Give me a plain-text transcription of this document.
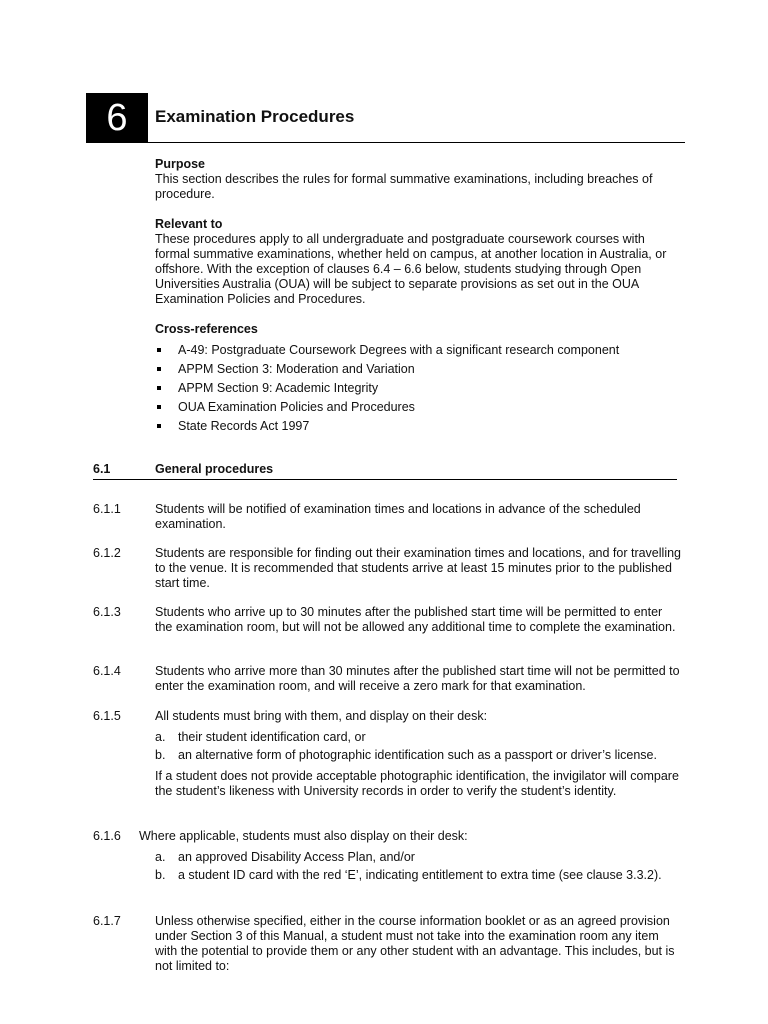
6	Examination Procedures
Purpose

This section describes the rules for formal summative examinations, including breaches of procedure.

Relevant to

These procedures apply to all undergraduate and postgraduate coursework courses with formal summative examinations, whether held on campus, at another location in Australia, or offshore. With the exception of clauses 6.4 – 6.6 below, students studying through Open Universities Australia (OUA) will be subject to separate provisions as set out in the OUA Examination Policies and Procedures.

Cross-references
A-49: Postgraduate Coursework Degrees with a significant research component
APPM Section 3: Moderation and Variation
APPM Section 9: Academic Integrity
OUA Examination Policies and Procedures
State Records Act 1997
6.1	General procedures
6.1.1	Students will be notified of examination times and locations in advance of the scheduled examination.

6.1.2	Students are responsible for finding out their examination times and locations, and for travelling to the venue. It is recommended that students arrive at least 15 minutes prior to the published start time.

6.1.3	Students who arrive up to 30 minutes after the published start time will be permitted to enter the examination room, but will not be allowed any additional time to complete the examination.

6.1.4	Students who arrive more than 30 minutes after the published start time will not be permitted to enter the examination room, and will receive a zero mark for that examination.

6.1.5	All students must bring with them, and display on their desk:

a. their student identification card, or
b. an alternative form of photographic identification such as a passport or driver’s license.

If a student does not provide acceptable photographic identification, the invigilator will compare the student’s likeness with University records in order to verify the student’s identity.

6.1.6 Where applicable, students must also display on their desk:

a. an approved Disability Access Plan, and/or
b. a student ID card with the red ‘E’, indicating entitlement to extra time (see clause 3.3.2).
6.1.7	Unless otherwise specified, either in the course information booklet or as an agreed provision under Section 3 of this Manual, a student must not take into the examination room any item with the potential to provide them or any other student with an advantage. This includes, but is not limited to:
